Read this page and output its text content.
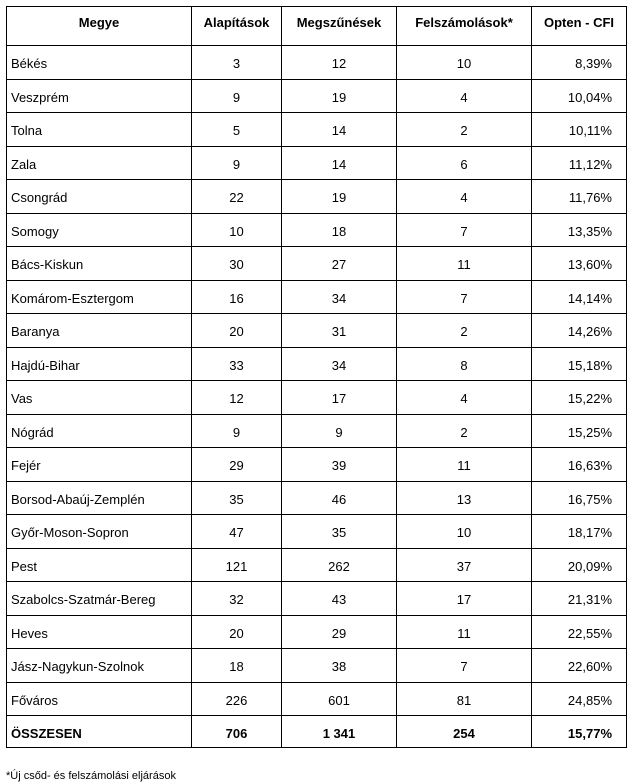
Megye	Alapítások	Megszűnések	Felszámolások*	Opten - CFI
Békés	3	12	10	8,39%
Veszprém	9	19	4	10,04%
Tolna	5	14	2	10,11%
Zala	9	14	6	11,12%
Csongrád	22	19	4	11,76%
Somogy	10	18	7	13,35%
Bács-Kiskun	30	27	11	13,60%
Komárom-Esztergom	16	34	7	14,14%
Baranya	20	31	2	14,26%
Hajdú-Bihar	33	34	8	15,18%
Vas	12	17	4	15,22%
Nógrád	9	9	2	15,25%
Fejér	29	39	11	16,63%
Borsod-Abaúj-Zemplén	35	46	13	16,75%
Győr-Moson-Sopron	47	35	10	18,17%
Pest	121	262	37	20,09%
Szabolcs-Szatmár-Bereg	32	43	17	21,31%
Heves	20	29	11	22,55%
Jász-Nagykun-Szolnok	18	38	7	22,60%
Főváros	226	601	81	24,85%
ÖSSZESEN	706	1 341	254	15,77%
*Új csőd- és felszámolási eljárások
